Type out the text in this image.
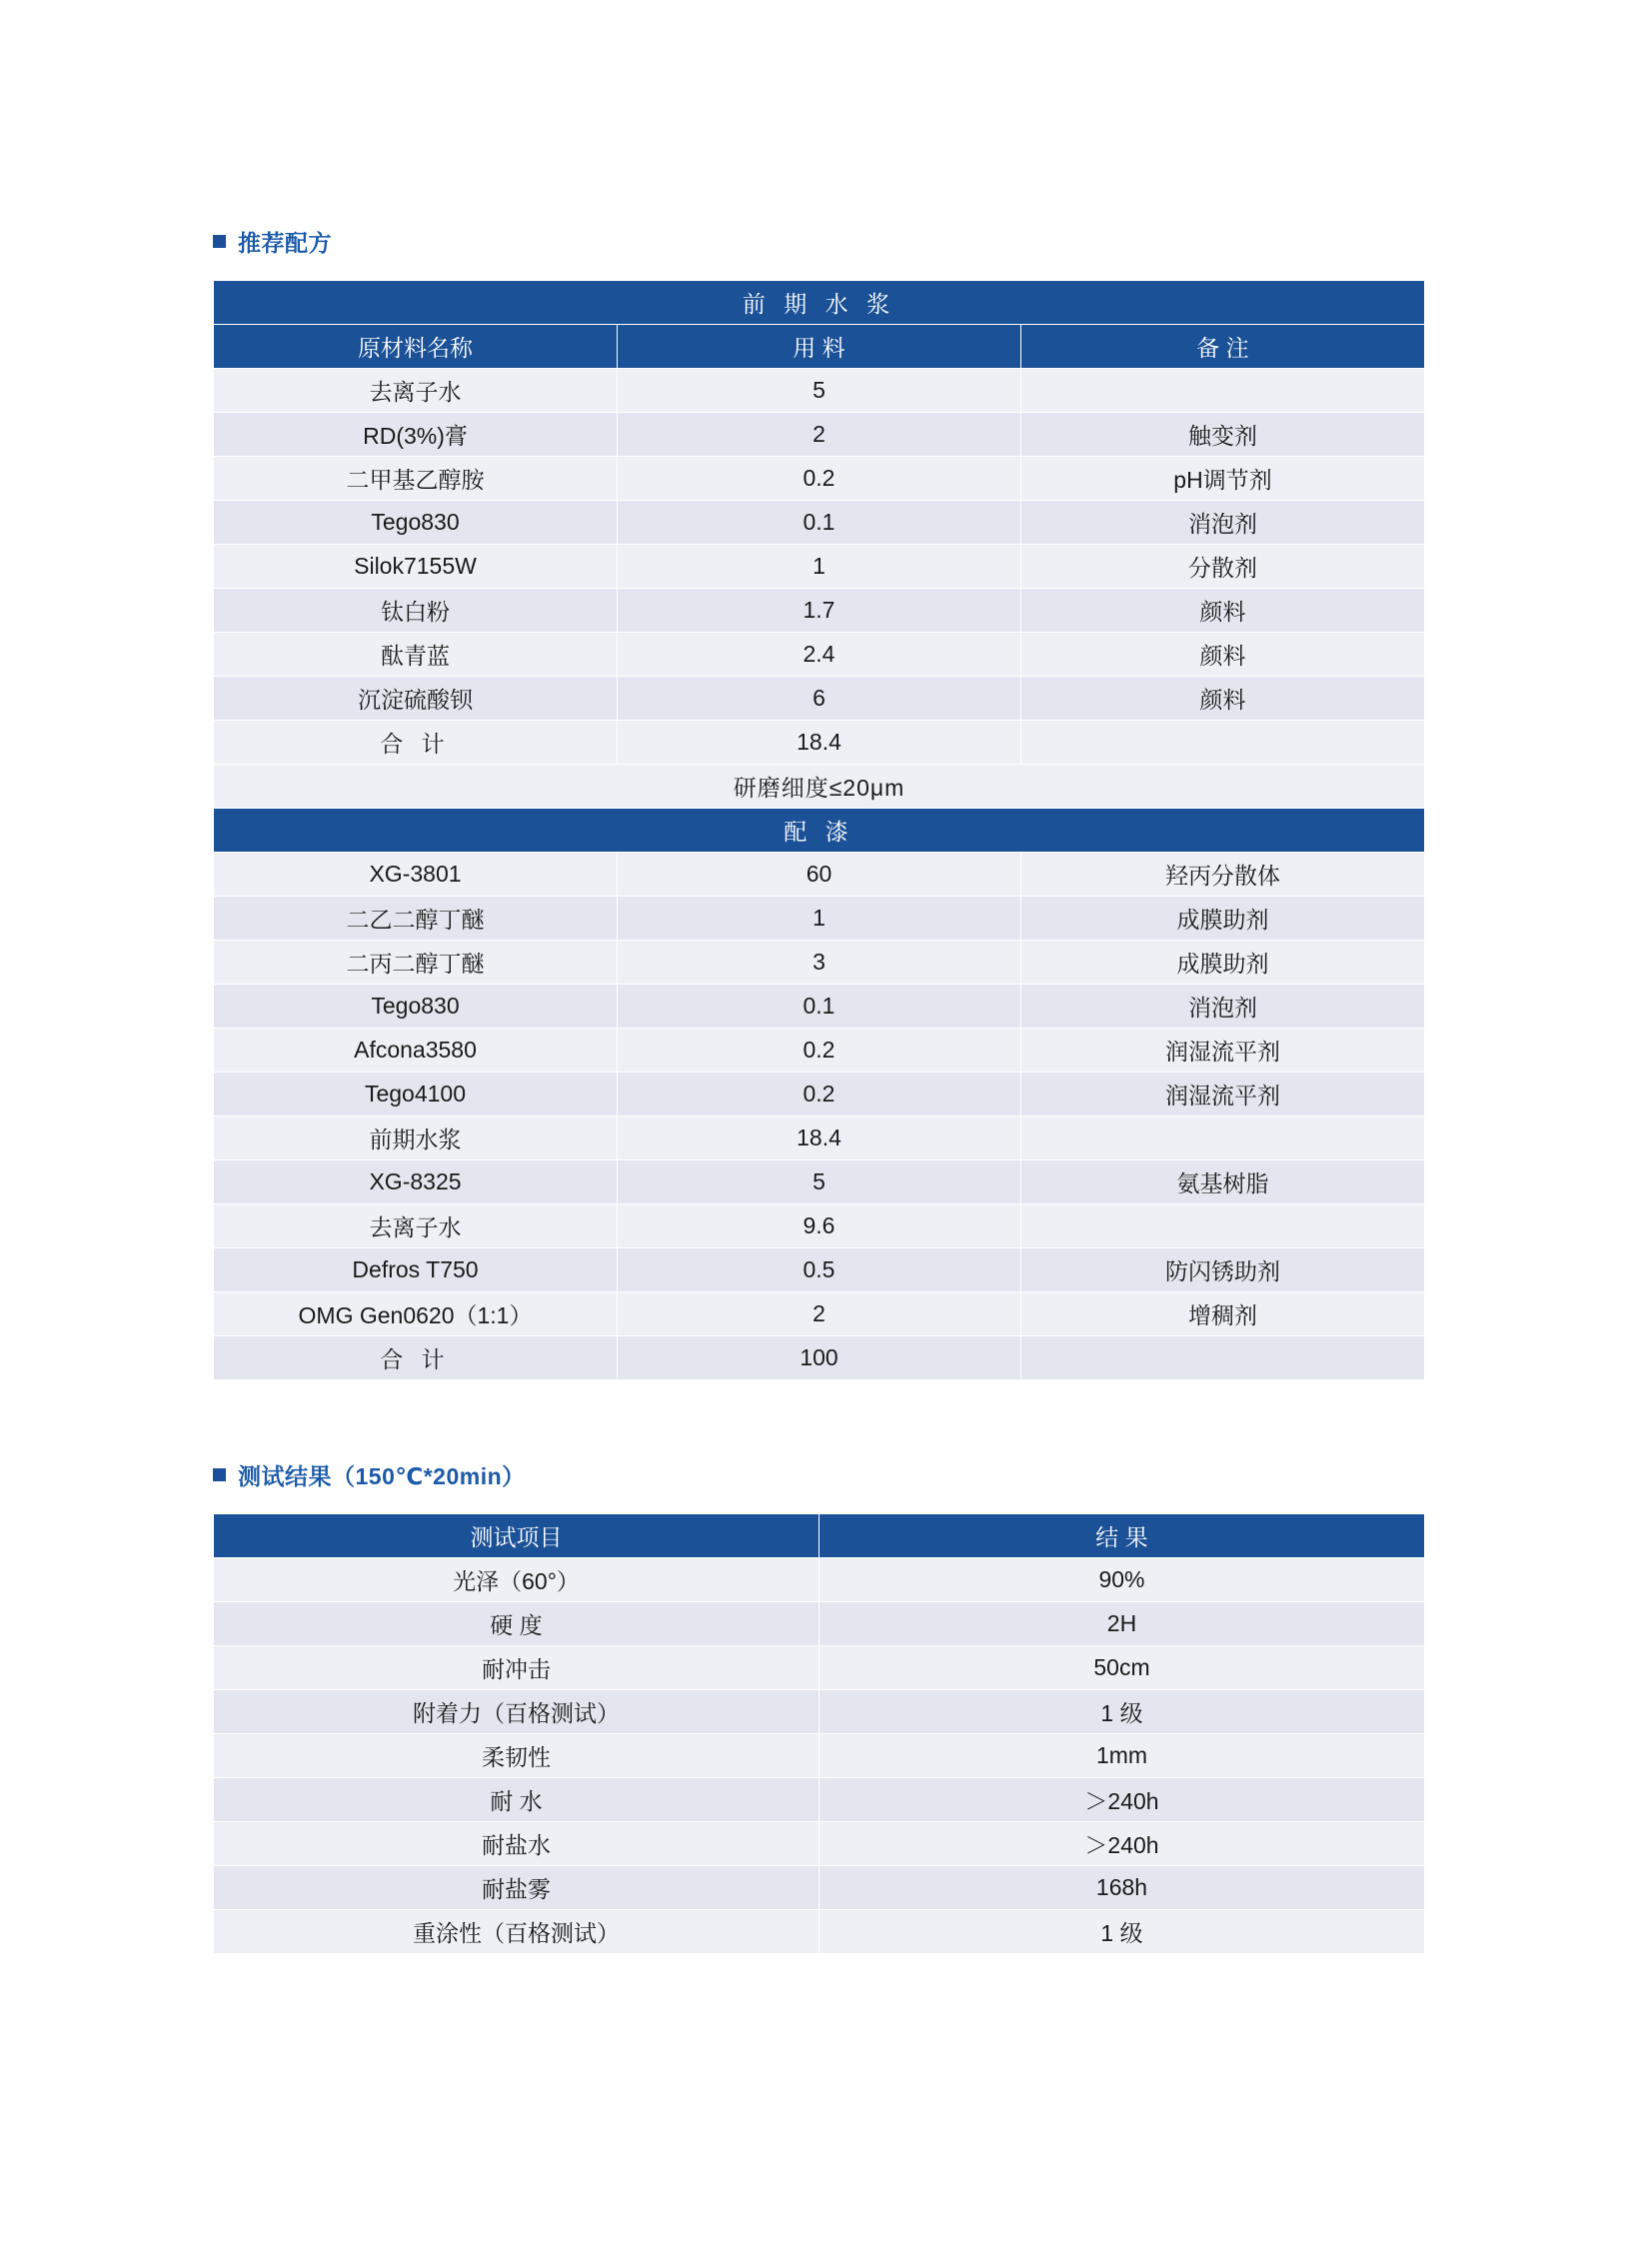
推荐配方
前 期 水 浆		
原材料名称	用 料	备 注
去离子水	5	
RD(3%)膏	2	触变剂
二甲基乙醇胺	0.2	pH调节剂
Tego830	0.1	消泡剂
Silok7155W	1	分散剂
钛白粉	1.7	颜料
酞青蓝	2.4	颜料
沉淀硫酸钡	6	颜料
合 计	18.4	
研磨细度≤20μm		
配 漆		
XG-3801	60	羟丙分散体
二乙二醇丁醚	1	成膜助剂
二丙二醇丁醚	3	成膜助剂
Tego830	0.1	消泡剂
Afcona3580	0.2	润湿流平剂
Tego4100	0.2	润湿流平剂
前期水浆	18.4	
XG-8325	5	氨基树脂
去离子水	9.6	
Defros T750	0.5	防闪锈助剂
OMG Gen0620（1:1）	2	增稠剂
合 计	100	
测试结果（150℃*20min）
测试项目	结 果
光泽（60°）	90%
硬 度	2H
耐冲击	50cm
附着力（百格测试）	1 级
柔韧性	1mm
耐 水	＞240h
耐盐水	＞240h
耐盐雾	168h
重涂性（百格测试）	1 级
